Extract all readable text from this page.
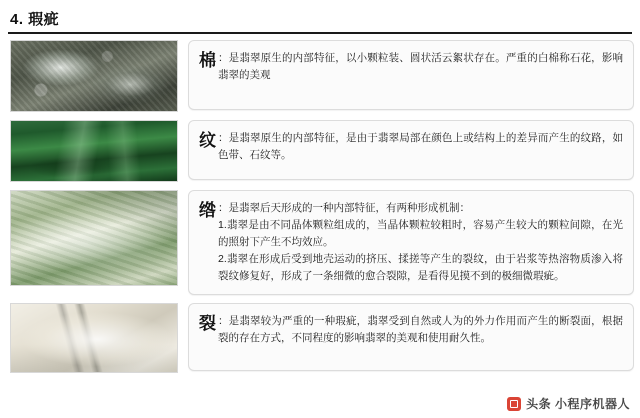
4. 瑕疵
棉 ：是翡翠原生的内部特征，以小颗粒装、圆状活云絮状存在。严重的白棉称石花，影响翡翠的美观

纹 ：是翡翠原生的内部特征，是由于翡翠局部在颜色上或结构上的差异而产生的纹路，如色带、石纹等。

绺 ：是翡翠后天形成的一种内部特征，有两种形成机制：

1.翡翠是由不同晶体颗粒组成的，当晶体颗粒较粗时，容易产生较大的颗粒间隙，在光的照射下产生不均效应。

2.翡翠在形成后受到地壳运动的挤压、揉搓等产生的裂纹，由于岩浆等热溶物质渗入将裂纹修复好，形成了一条细微的愈合裂隙，是看得见摸不到的极细微瑕疵。

裂 ：是翡翠较为严重的一种瑕疵，翡翠受到自然或人为的外力作用而产生的断裂面，根据裂的存在方式，不同程度的影响翡翠的美观和使用耐久性。

头条 小程序机器人
